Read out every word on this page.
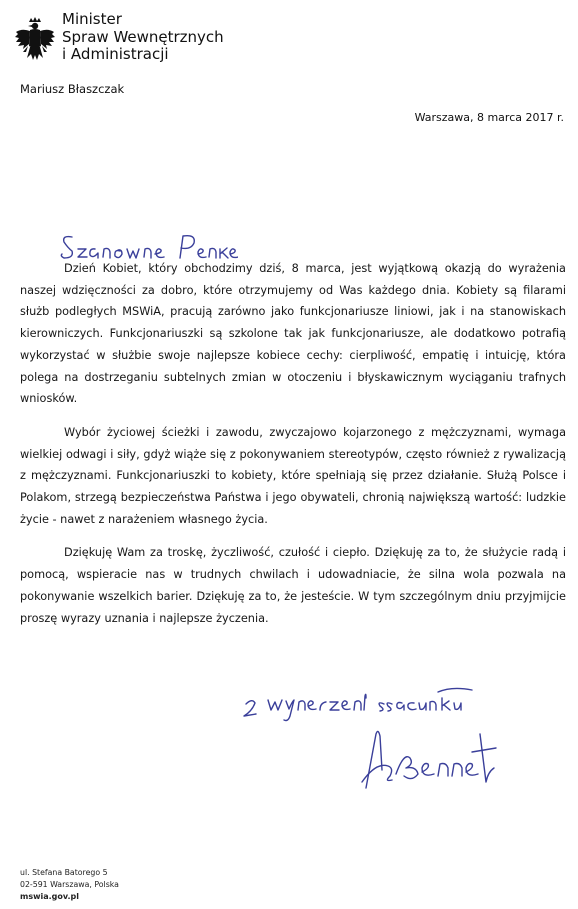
Minister
Spraw Wewnętrznych
i Administracji
Mariusz Błaszczak
Warszawa, 8 marca 2017 r.

Dzień Kobiet, który obchodzimy dziś, 8 marca, jest wyjątkową okazją do wyrażenia naszej wdzięczności za dobro, które otrzymujemy od Was każdego dnia. Kobiety są filarami służb podległych MSWiA, pracują zarówno jako funkcjonariusze liniowi, jak i na stanowiskach kierowniczych. Funkcjonariuszki są szkolone tak jak funkcjonariusze, ale dodatkowo potrafią wykorzystać w służbie swoje najlepsze kobiece cechy: cierpliwość, empatię i intuicję, która polega na dostrzeganiu subtelnych zmian w otoczeniu i błyskawicznym wyciąganiu trafnych wniosków.

Wybór życiowej ścieżki i zawodu, zwyczajowo kojarzonego z mężczyznami, wymaga wielkiej odwagi i siły, gdyż wiąże się z pokonywaniem stereotypów, często również z rywalizacją z mężczyznami. Funkcjonariuszki to kobiety, które spełniają się przez działanie. Służą Polsce i Polakom, strzegą bezpieczeństwa Państwa i jego obywateli, chronią największą wartość: ludzkie życie - nawet z narażeniem własnego życia.

Dziękuję Wam za troskę, życzliwość, czułość i ciepło. Dziękuję za to, że służycie radą i pomocą, wspieracie nas w trudnych chwilach i udowadniacie, że silna wola pozwala na pokonywanie wszelkich barier. Dziękuję za to, że jesteście. W tym szczególnym dniu przyjmijcie proszę wyrazy uznania i najlepsze życzenia.

ul. Stefana Batorego 5
02-591 Warszawa, Polska
mswia.gov.pl
